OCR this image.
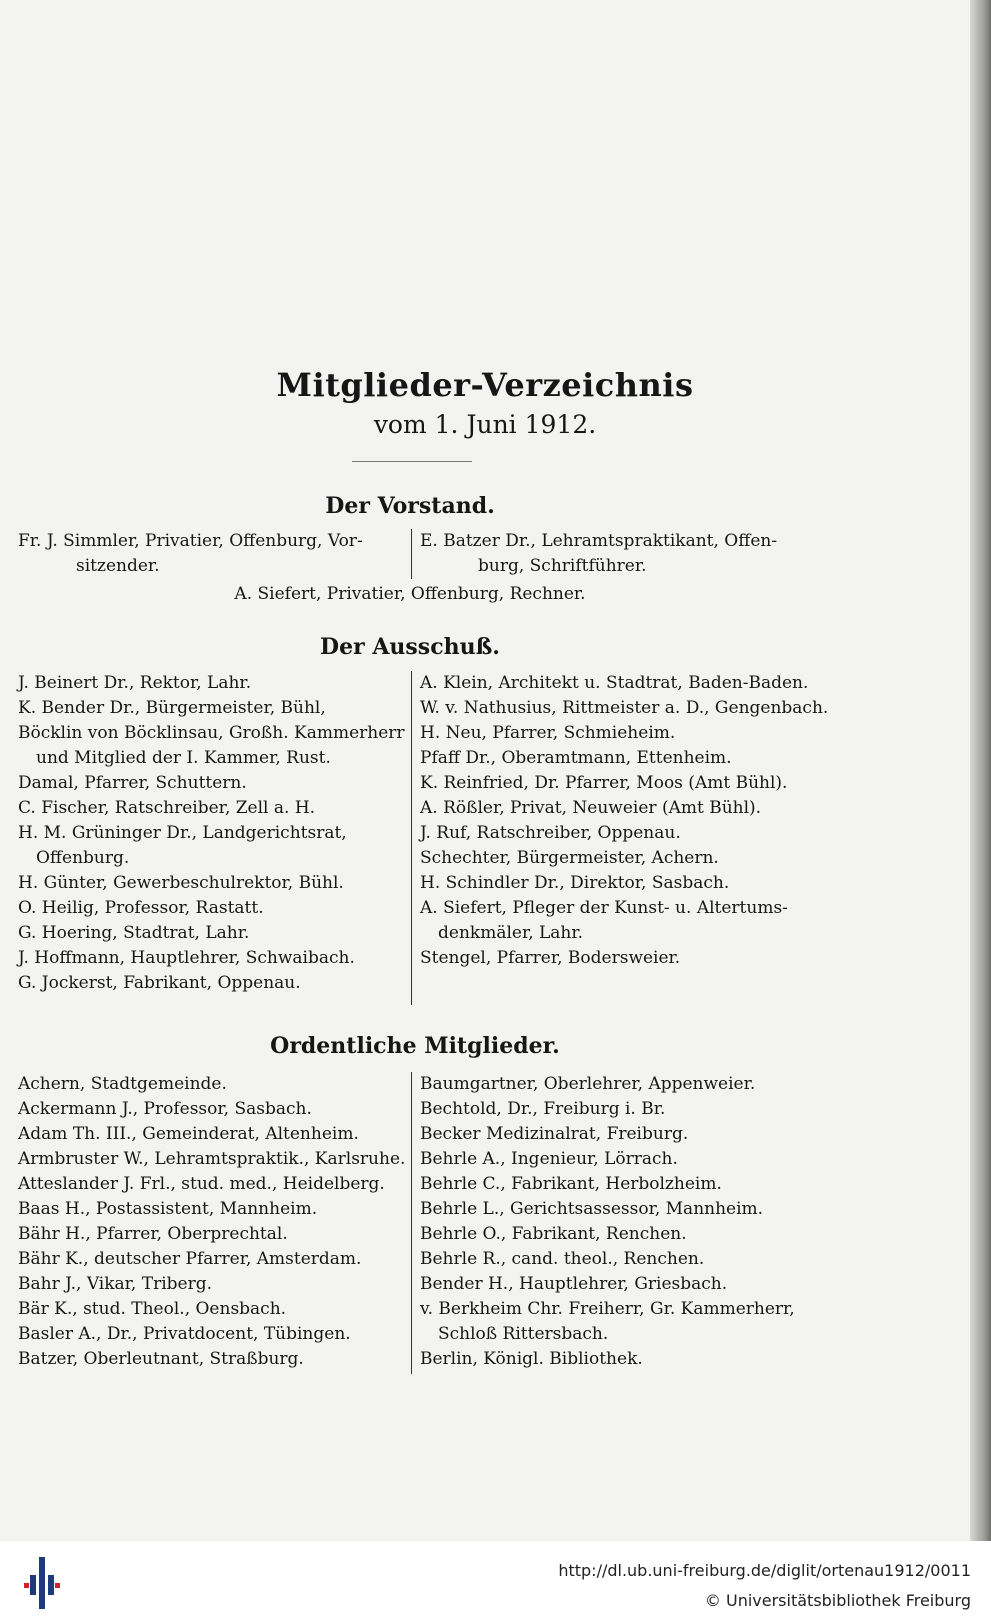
Mitglieder-Verzeichnis
vom 1. Juni 1912.
Der Vorstand.
Fr. J. Simmler, Privatier, Offenburg, Vor-
sitzender.
E. Batzer Dr., Lehramtspraktikant, Offen-
burg, Schriftführer.
A. Siefert, Privatier, Offenburg, Rechner.
Der Ausschuß.
J. Beinert Dr., Rektor, Lahr.
K. Bender Dr., Bürgermeister, Bühl,
Böcklin von Böcklinsau, Großh. Kammerherr
und Mitglied der I. Kammer, Rust.
Damal, Pfarrer, Schuttern.
C. Fischer, Ratschreiber, Zell a. H.
H. M. Grüninger Dr., Landgerichtsrat,
Offenburg.
H. Günter, Gewerbeschulrektor, Bühl.
O. Heilig, Professor, Rastatt.
G. Hoering, Stadtrat, Lahr.
J. Hoffmann, Hauptlehrer, Schwaibach.
G. Jockerst, Fabrikant, Oppenau.
A. Klein, Architekt u. Stadtrat, Baden-Baden.
W. v. Nathusius, Rittmeister a. D., Gengenbach.
H. Neu, Pfarrer, Schmieheim.
Pfaff Dr., Oberamtmann, Ettenheim.
K. Reinfried, Dr. Pfarrer, Moos (Amt Bühl).
A. Rößler, Privat, Neuweier (Amt Bühl).
J. Ruf, Ratschreiber, Oppenau.
Schechter, Bürgermeister, Achern.
H. Schindler Dr., Direktor, Sasbach.
A. Siefert, Pfleger der Kunst- u. Altertums-
denkmäler, Lahr.
Stengel, Pfarrer, Bodersweier.
Ordentliche Mitglieder.
Achern, Stadtgemeinde.
Ackermann J., Professor, Sasbach.
Adam Th. III., Gemeinderat, Altenheim.
Armbruster W., Lehramtspraktik., Karlsruhe.
Atteslander J. Frl., stud. med., Heidelberg.
Baas H., Postassistent, Mannheim.
Bähr H., Pfarrer, Oberprechtal.
Bähr K., deutscher Pfarrer, Amsterdam.
Bahr J., Vikar, Triberg.
Bär K., stud. Theol., Oensbach.
Basler A., Dr., Privatdocent, Tübingen.
Batzer, Oberleutnant, Straßburg.
Baumgartner, Oberlehrer, Appenweier.
Bechtold, Dr., Freiburg i. Br.
Becker Medizinalrat, Freiburg.
Behrle A., Ingenieur, Lörrach.
Behrle C., Fabrikant, Herbolzheim.
Behrle L., Gerichtsassessor, Mannheim.
Behrle O., Fabrikant, Renchen.
Behrle R., cand. theol., Renchen.
Bender H., Hauptlehrer, Griesbach.
v. Berkheim Chr. Freiherr, Gr. Kammerherr,
Schloß Rittersbach.
Berlin, Königl. Bibliothek.
http://dl.ub.uni-freiburg.de/diglit/ortenau1912/0011
© Universitätsbibliothek Freiburg
